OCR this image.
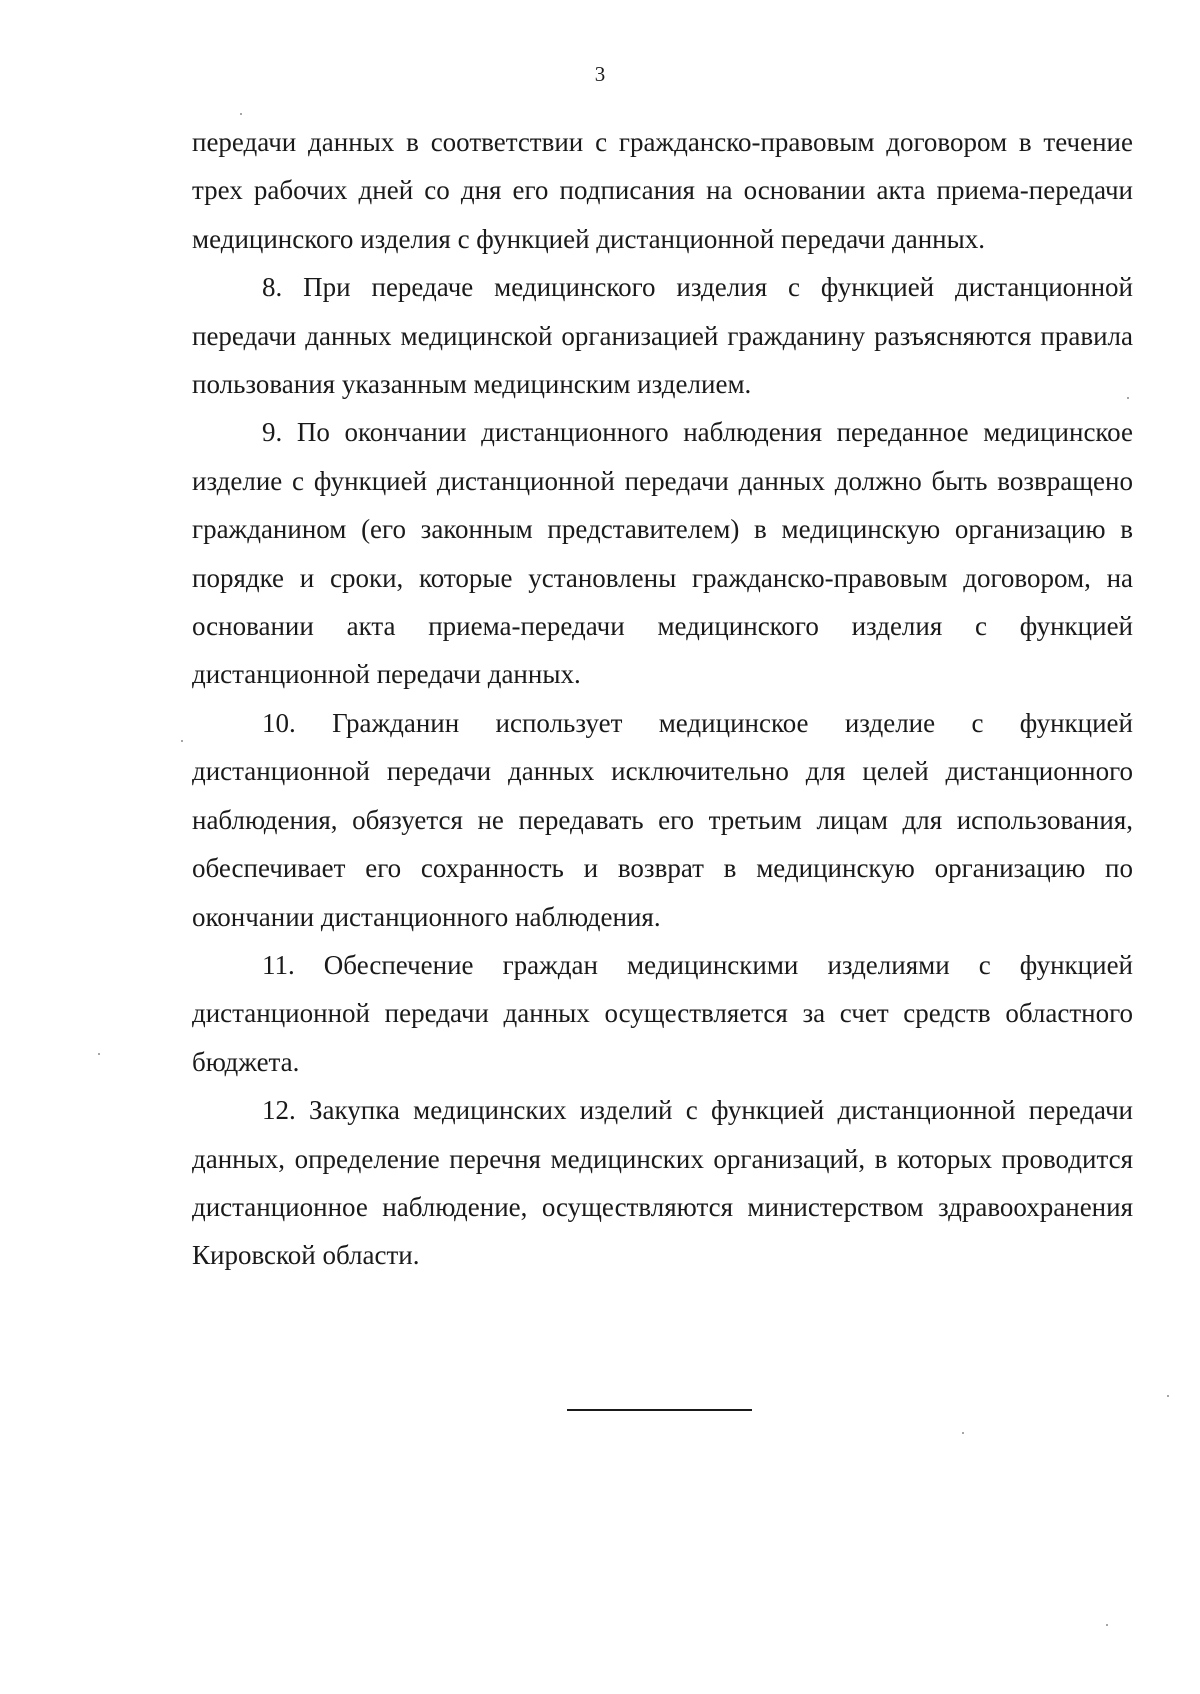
3

передачи данных в соответствии с гражданско-правовым договором в течение трех рабочих дней со дня его подписания на основании акта приема-передачи медицинского изделия с функцией дистанционной передачи данных.

8. При передаче медицинского изделия с функцией дистанционной передачи данных медицинской организацией гражданину разъясняются правила пользования указанным медицинским изделием.

9. По окончании дистанционного наблюдения переданное медицинское изделие с функцией дистанционной передачи данных должно быть возвращено гражданином (его законным представителем) в медицинскую организацию в порядке и сроки, которые установлены гражданско-правовым договором, на основании акта приема-передачи медицинского изделия с функцией дистанционной передачи данных.

10. Гражданин использует медицинское изделие с функцией дистанционной передачи данных исключительно для целей дистанционного наблюдения, обязуется не передавать его третьим лицам для использования, обеспечивает его сохранность и возврат в медицинскую организацию по окончании дистанционного наблюдения.

11. Обеспечение граждан медицинскими изделиями с функцией дистанционной передачи данных осуществляется за счет средств областного бюджета.

12. Закупка медицинских изделий с функцией дистанционной передачи данных, определение перечня медицинских организаций, в которых проводится дистанционное наблюдение, осуществляются министерством здравоохранения Кировской области.
